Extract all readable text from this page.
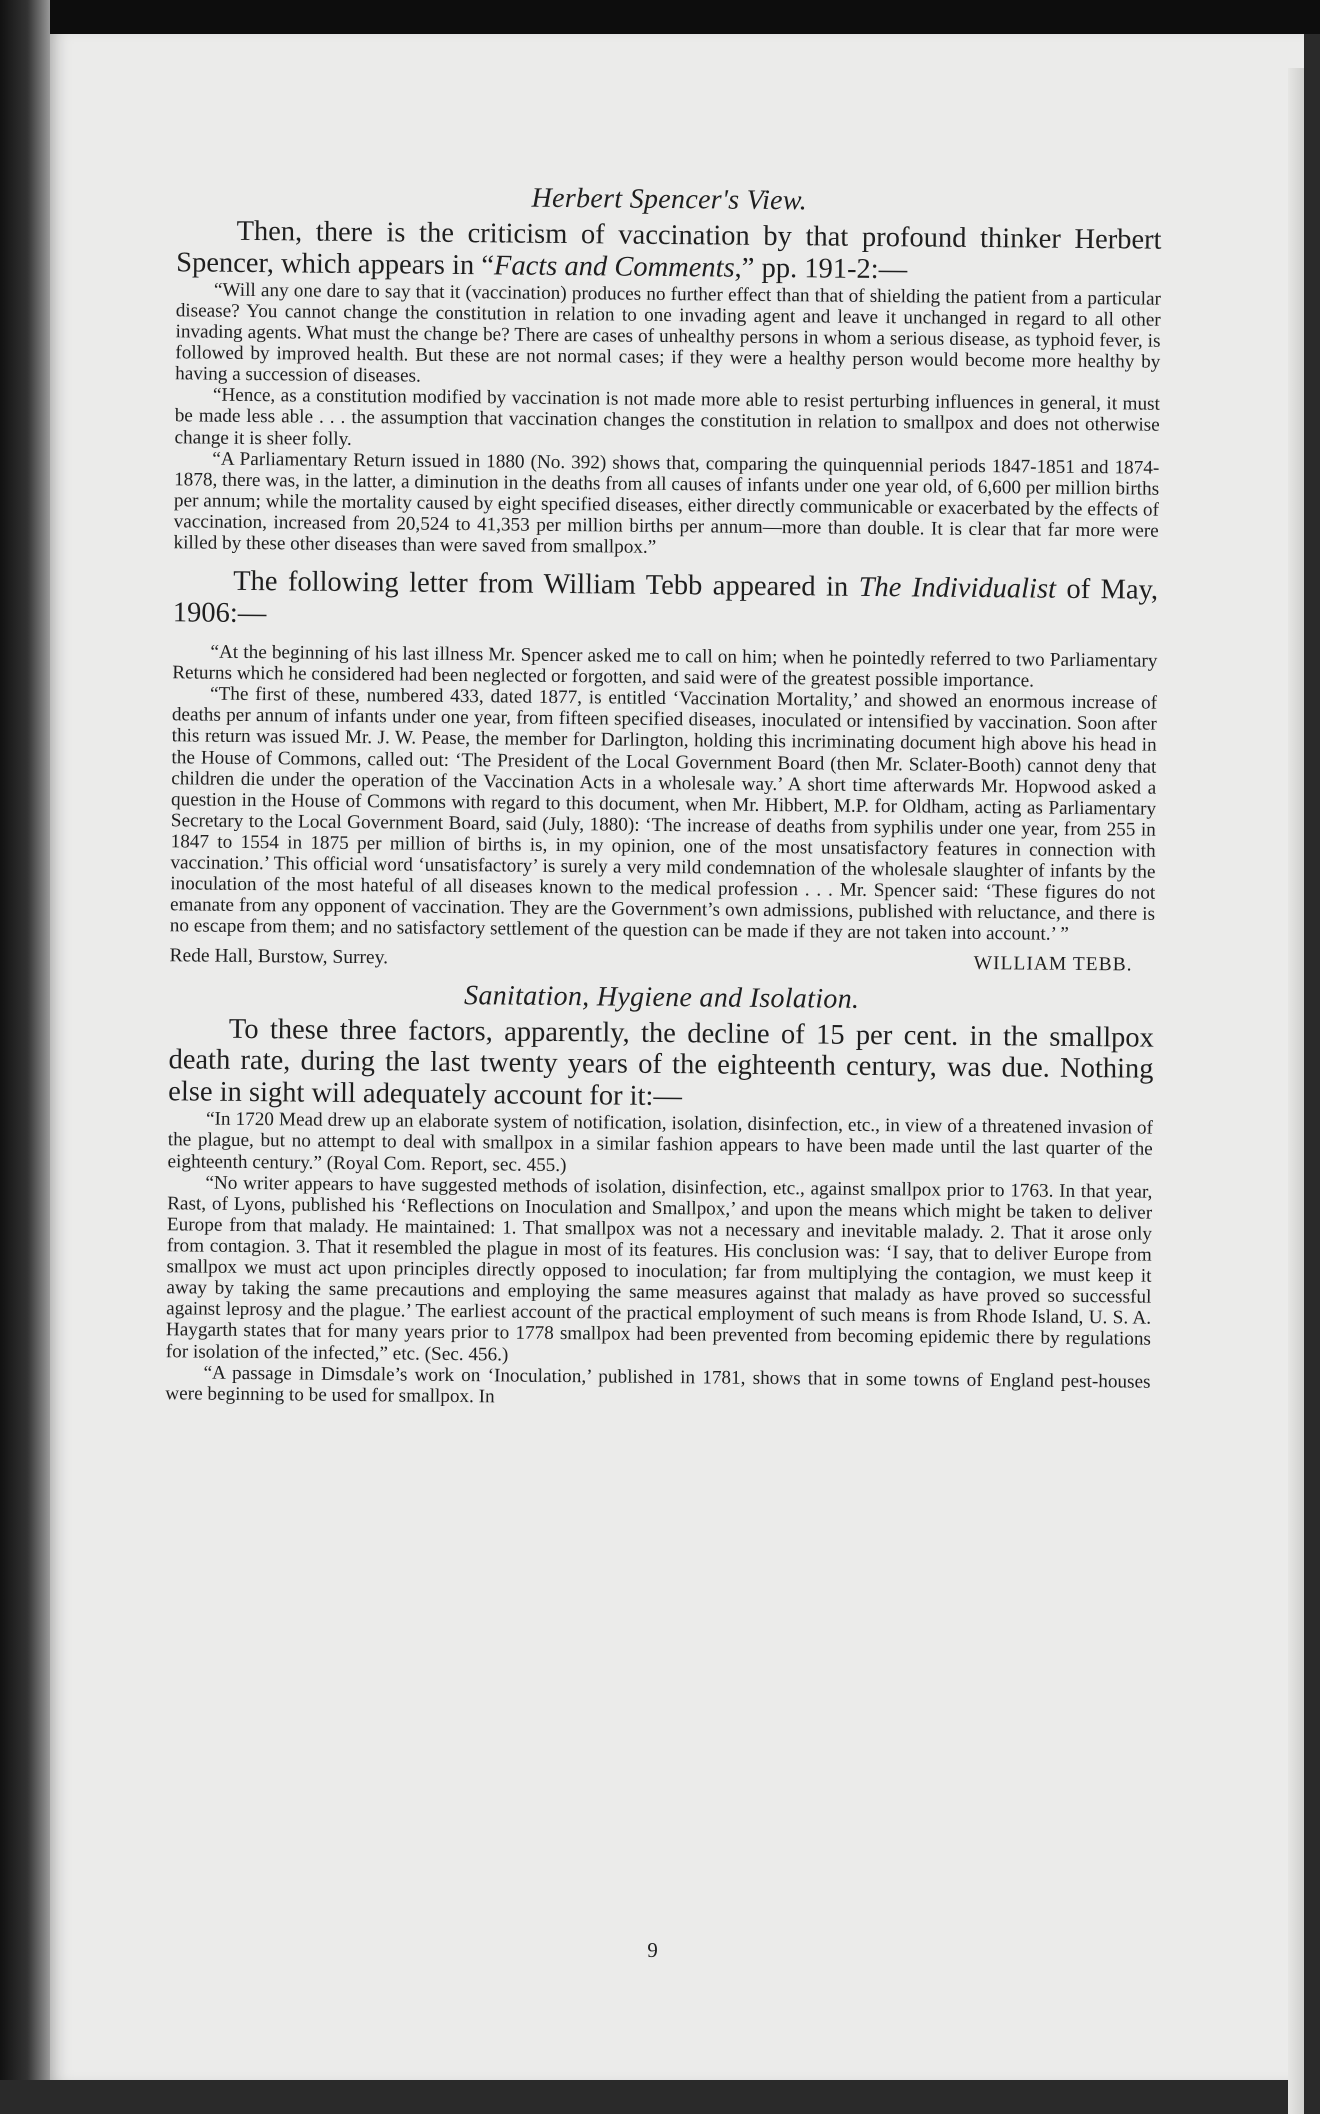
Herbert Spencer's View.

Then, there is the criticism of vaccination by that profound thinker Herbert Spencer, which appears in “Facts and Comments,” pp. 191-2:—

“Will any one dare to say that it (vaccination) produces no further effect than that of shielding the patient from a particular disease? You cannot change the constitution in relation to one invading agent and leave it unchanged in regard to all other invading agents. What must the change be? There are cases of unhealthy persons in whom a serious disease, as typhoid fever, is followed by improved health. But these are not normal cases; if they were a healthy person would become more healthy by having a succession of diseases.

“Hence, as a constitution modified by vaccination is not made more able to resist perturbing influences in general, it must be made less able . . . the assumption that vaccination changes the constitution in relation to smallpox and does not otherwise change it is sheer folly.

“A Parliamentary Return issued in 1880 (No. 392) shows that, comparing the quinquennial periods 1847-1851 and 1874-1878, there was, in the latter, a diminution in the deaths from all causes of infants under one year old, of 6,600 per million births per annum; while the mortality caused by eight specified diseases, either directly communicable or exacerbated by the effects of vaccination, increased from 20,524 to 41,353 per million births per annum—more than double. It is clear that far more were killed by these other diseases than were saved from smallpox.”

The following letter from William Tebb appeared in The Individualist of May, 1906:—

“At the beginning of his last illness Mr. Spencer asked me to call on him; when he pointedly referred to two Parliamentary Returns which he considered had been neglected or forgotten, and said were of the greatest possible importance.

“The first of these, numbered 433, dated 1877, is entitled ‘Vaccination Mortality,’ and showed an enormous increase of deaths per annum of infants under one year, from fifteen specified diseases, inoculated or intensified by vaccination. Soon after this return was issued Mr. J. W. Pease, the member for Darlington, holding this incriminating document high above his head in the House of Commons, called out: ‘The President of the Local Government Board (then Mr. Sclater-Booth) cannot deny that children die under the operation of the Vaccination Acts in a wholesale way.’ A short time afterwards Mr. Hopwood asked a question in the House of Commons with regard to this document, when Mr. Hibbert, M.P. for Oldham, acting as Parliamentary Secretary to the Local Government Board, said (July, 1880): ‘The increase of deaths from syphilis under one year, from 255 in 1847 to 1554 in 1875 per million of births is, in my opinion, one of the most unsatisfactory features in connection with vaccination.’ This official word ‘unsatisfactory’ is surely a very mild condemnation of the wholesale slaughter of infants by the inoculation of the most hateful of all diseases known to the medical profession . . . Mr. Spencer said: ‘These figures do not emanate from any opponent of vaccination. They are the Government’s own admissions, published with reluctance, and there is no escape from them; and no satisfactory settlement of the question can be made if they are not taken into account.’ ”

Rede Hall, Burstow, Surrey.	WILLIAM TEBB.

Sanitation, Hygiene and Isolation.

To these three factors, apparently, the decline of 15 per cent. in the smallpox death rate, during the last twenty years of the eighteenth century, was due. Nothing else in sight will adequately account for it:—

“In 1720 Mead drew up an elaborate system of notification, isolation, disinfection, etc., in view of a threatened invasion of the plague, but no attempt to deal with smallpox in a similar fashion appears to have been made until the last quarter of the eighteenth century.” (Royal Com. Report, sec. 455.)

“No writer appears to have suggested methods of isolation, disinfection, etc., against smallpox prior to 1763. In that year, Rast, of Lyons, published his ‘Reflections on Inoculation and Smallpox,’ and upon the means which might be taken to deliver Europe from that malady. He maintained: 1. That smallpox was not a necessary and inevitable malady. 2. That it arose only from contagion. 3. That it resembled the plague in most of its features. His conclusion was: ‘I say, that to deliver Europe from smallpox we must act upon principles directly opposed to inoculation; far from multiplying the contagion, we must keep it away by taking the same precautions and employing the same measures against that malady as have proved so successful against leprosy and the plague.’ The earliest account of the practical employment of such means is from Rhode Island, U. S. A. Haygarth states that for many years prior to 1778 smallpox had been prevented from becoming epidemic there by regulations for isolation of the infected,” etc. (Sec. 456.)

“A passage in Dimsdale’s work on ‘Inoculation,’ published in 1781, shows that in some towns of England pest-houses were beginning to be used for smallpox. In

9
